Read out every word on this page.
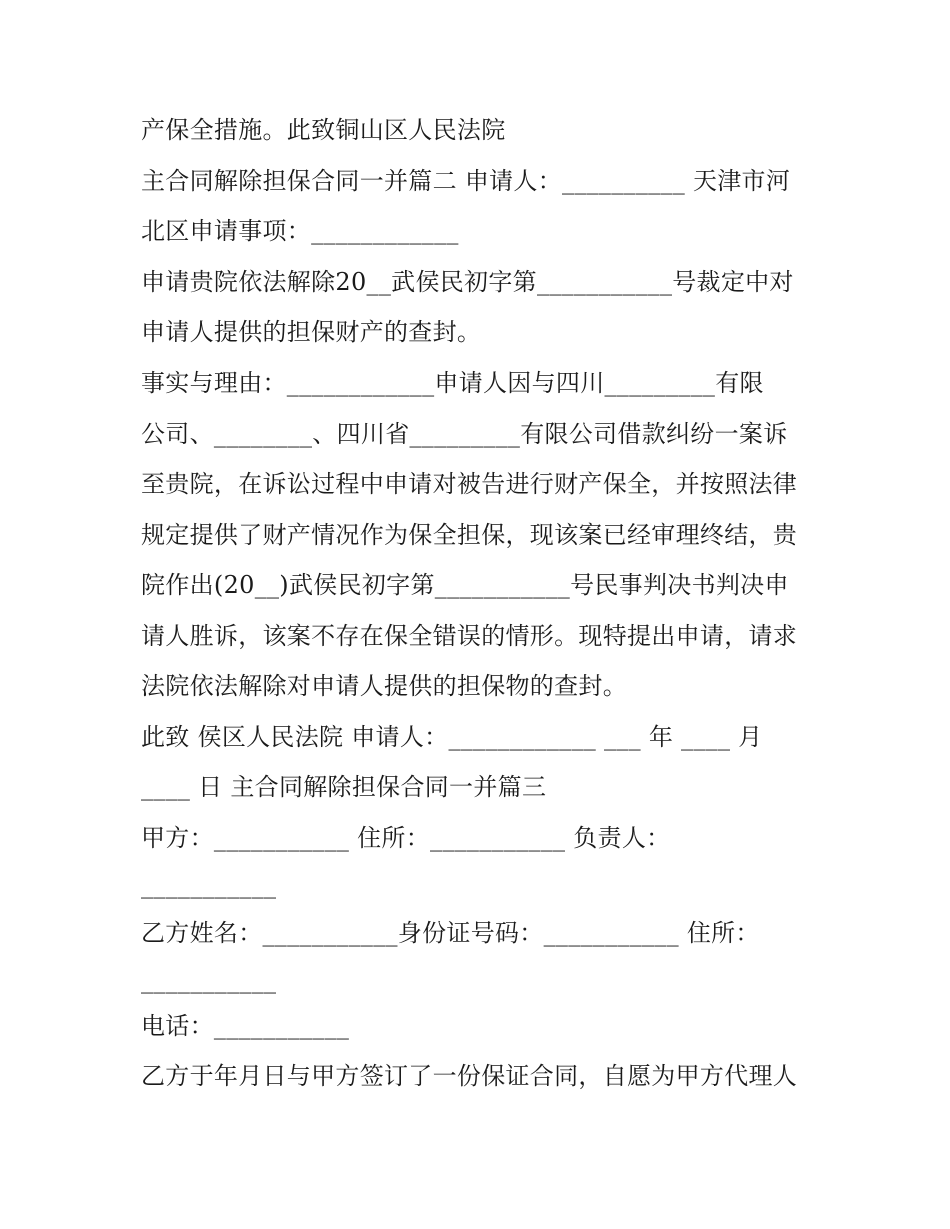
产保全措施。此致铜山区人民法院
主合同解除担保合同一并篇二 申请人：__________ 天津市河
北区申请事项：____________
申请贵院依法解除20__武侯民初字第___________号裁定中对
申请人提供的担保财产的查封。
事实与理由：____________申请人因与四川_________有限
公司、________、四川省_________有限公司借款纠纷一案诉
至贵院，在诉讼过程中申请对被告进行财产保全，并按照法律
规定提供了财产情况作为保全担保，现该案已经审理终结，贵
院作出(20__)武侯民初字第___________号民事判决书判决申
请人胜诉，该案不存在保全错误的情形。现特提出申请，请求
法院依法解除对申请人提供的担保物的查封。
此致 侯区人民法院 申请人：____________ ___ 年 ____ 月
____ 日 主合同解除担保合同一并篇三
甲方：___________ 住所：___________ 负责人：
___________
乙方姓名：___________身份证号码：___________ 住所：
___________
电话：___________
乙方于年月日与甲方签订了一份保证合同，自愿为甲方代理人
